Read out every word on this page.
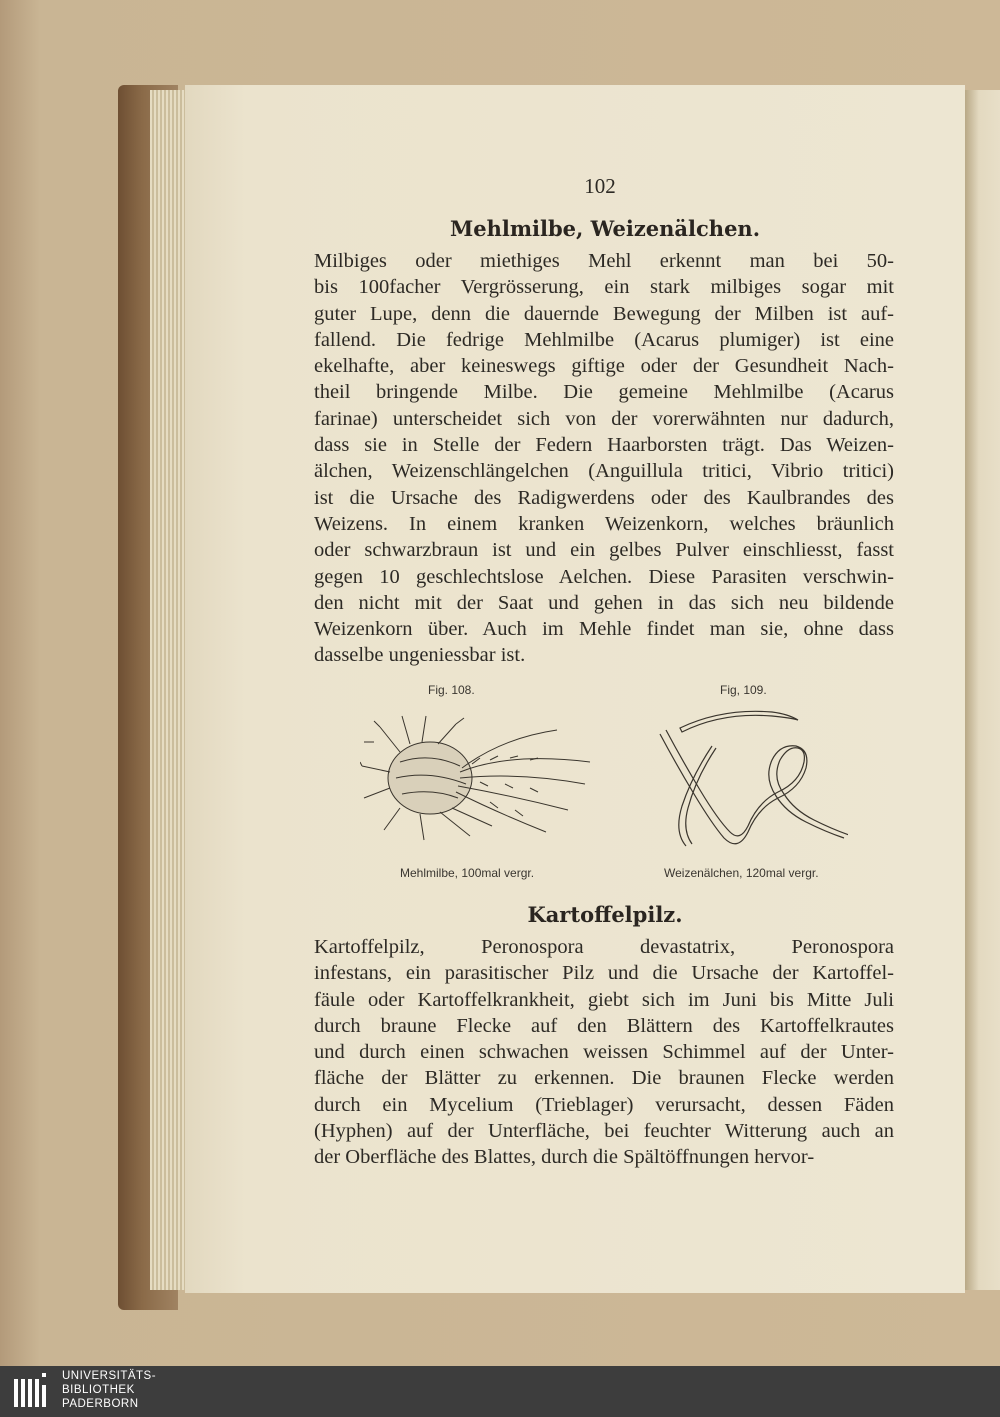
102
Mehlmilbe, Weizenälchen.
Milbiges oder miethiges Mehl erkennt man bei 50-
bis 100facher Vergrösserung, ein stark milbiges sogar mit
guter Lupe, denn die dauernde Bewegung der Milben ist auf-
fallend. Die fedrige Mehlmilbe (Acarus plumiger) ist eine
ekelhafte, aber keineswegs giftige oder der Gesundheit Nach-
theil bringende Milbe. Die gemeine Mehlmilbe (Acarus
farinae) unterscheidet sich von der vorerwähnten nur dadurch,
dass sie in Stelle der Federn Haarborsten trägt. Das Weizen-
älchen, Weizenschlängelchen (Anguillula tritici, Vibrio tritici)
ist die Ursache des Radigwerdens oder des Kaulbrandes des
Weizens. In einem kranken Weizenkorn, welches bräunlich
oder schwarzbraun ist und ein gelbes Pulver einschliesst, fasst
gegen 10 geschlechtslose Aelchen. Diese Parasiten verschwin-
den nicht mit der Saat und gehen in das sich neu bildende
Weizenkorn über. Auch im Mehle findet man sie, ohne dass
dasselbe ungeniessbar ist.
Fig. 108.	Fig, 109.
Mehlmilbe, 100mal vergr.	Weizenälchen, 120mal vergr.
Kartoffelpilz.
Kartoffelpilz, Peronospora devastatrix, Peronospora
infestans, ein parasitischer Pilz und die Ursache der Kartoffel-
fäule oder Kartoffelkrankheit, giebt sich im Juni bis Mitte Juli
durch braune Flecke auf den Blättern des Kartoffelkrautes
und durch einen schwachen weissen Schimmel auf der Unter-
fläche der Blätter zu erkennen. Die braunen Flecke werden
durch ein Mycelium (Trieblager) verursacht, dessen Fäden
(Hyphen) auf der Unterfläche, bei feuchter Witterung auch an
der Oberfläche des Blattes, durch die Spältöffnungen hervor-
UNIVERSITÄTS-
BIBLIOTHEK
PADERBORN
